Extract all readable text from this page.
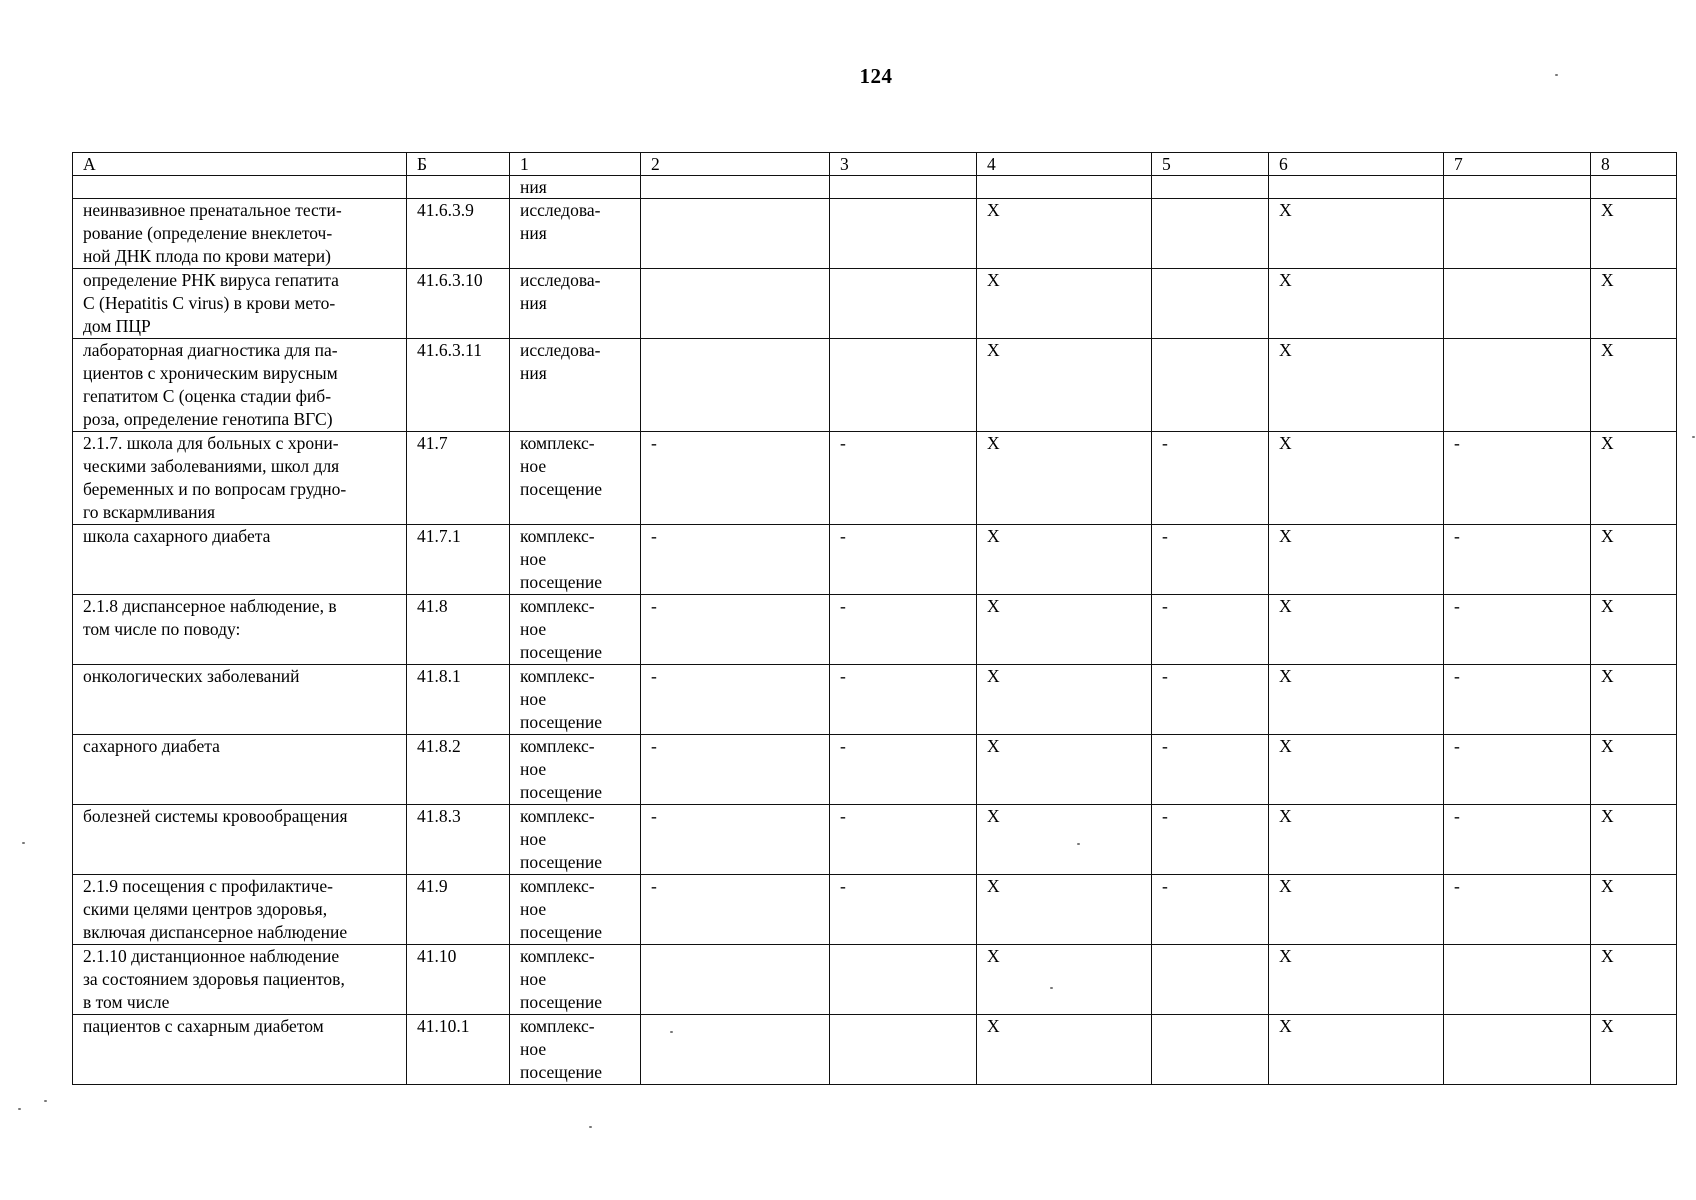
124
А	Б	1	2	3	4	5	6	7	8
		ния							

неинвазивное пренатальное тести-
рование (определение внеклеточ-
ной ДНК плода по крови матери)	41.6.3.9	исследова-
ния			X		X		X

определение РНК вируса гепатита
С (Hepatitis C virus) в крови мето-
дом ПЦР	41.6.3.10	исследова-
ния			X		X		X

лабораторная диагностика для па-
циентов с хроническим вирусным
гепатитом С (оценка стадии фиб-
роза, определение генотипа ВГС)	41.6.3.11	исследова-
ния			X		X		X

2.1.7. школа для больных с хрони-
ческими заболеваниями, школ для
беременных и по вопросам грудно-
го вскармливания	41.7	комплекс-
ное
посещение	-	-	X	-	X	-	X

школа сахарного диабета	41.7.1	комплекс-
ное
посещение	-	-	X	-	X	-	X

2.1.8 диспансерное наблюдение, в
том числе по поводу:	41.8	комплекс-
ное
посещение	-	-	X	-	X	-	X

онкологических заболеваний	41.8.1	комплекс-
ное
посещение	-	-	X	-	X	-	X

сахарного диабета	41.8.2	комплекс-
ное
посещение	-	-	X	-	X	-	X

болезней системы кровообращения	41.8.3	комплекс-
ное
посещение	-	-	X	-	X	-	X

2.1.9 посещения с профилактиче-
скими целями центров здоровья,
включая диспансерное наблюдение	41.9	комплекс-
ное
посещение	-	-	X	-	X	-	X

2.1.10 дистанционное наблюдение
за состоянием здоровья пациентов,
в том числе	41.10	комплекс-
ное
посещение			X		X		X

пациентов с сахарным диабетом	41.10.1	комплекс-
ное
посещение			X		X		X
